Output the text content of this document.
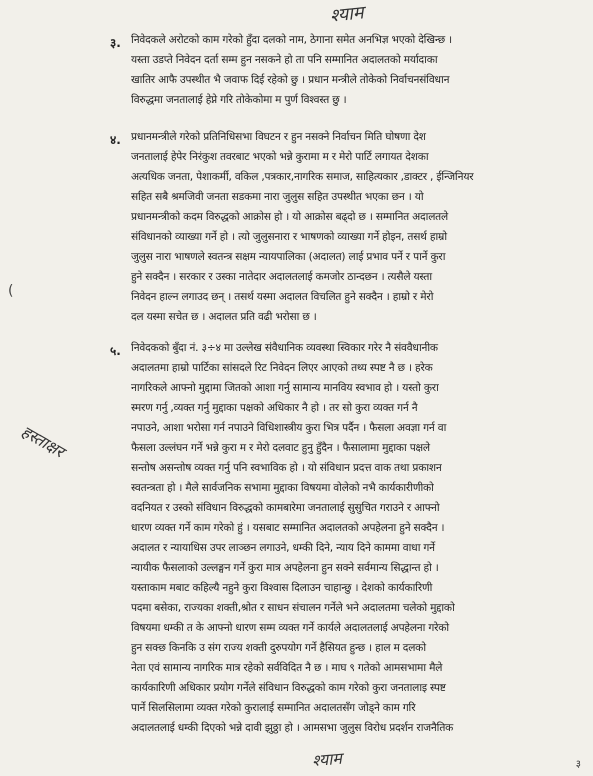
श्याम
३. निवेदकले अरोटको काम गरेको हुँदा दलको नाम, ठेगाना समेत अनभिज्ञ भएको देखिन्छ ।
यस्ता उडप्ते निवेदन दर्ता सम्म हुन नसकने हो ता पनि सम्मानित अदालतको मर्यादाका
खातिर आफै उपस्थीत भै जवाफ दिई रहेको छु । प्रधान मन्त्रीले तोकेको निर्वाचनसंविधान
विरुद्धमा जनतालाई हेप्ने गरि तोकेकोमा म पुर्ण विश्वस्त छु ।
४. प्रधानमन्त्रीले गरेको प्रतिनिधिसभा विघटन र हुन नसक्ने निर्वाचन मिति घोषणा देश
जनतालाई हेपेर निरंकुश तवरबाट भएको भन्ने कुरामा म र मेरो पार्टि लगायत देशका
अत्यधिक जनता, पेशाकर्मी, वकिल ,पत्रकार,नागरिक समाज, साहित्यकार ,डाक्टर , ईन्जिनियर
सहित सबै श्रमजिवी जनता सडकमा नारा जुलुस सहित उपस्थीत भएका छन । यो
प्रधानमन्त्रीको कदम विरुद्धको आक्रोस हो । यो आक्रोस बढ्दो छ । सम्मानित अदालतले
संविधानको व्याख्या गर्ने हो । त्यो जुलुसनारा र भाषणको व्याख्या गर्ने होइन, तसर्थ हाम्रो
जुलुस नारा भाषणले स्वतन्त्र सक्षम न्यायपालिका (अदालत) लाई प्रभाव पर्ने र पार्ने कुरा
हुने सक्दैन । सरकार र उस्का नातेदार अदालतलाई कमजोर ठान्दछन । त्यसैले यस्ता
निवेदन हाल्न लगाउद छन् । तसर्थ यस्मा अदालत विचलित हुने सक्दैन । हाम्रो र मेरो
दल यस्मा सचेत छ । अदालत प्रति वढी भरोसा छ ।
(
५. निवेदकको बुँदा नं. ३÷४ मा उल्लेख संवैधानिक व्यवस्था स्विकार गरेर नै संववैधानीक
अदालतमा हाम्रो पार्टिका सांसदले रिट निवेदन लिएर आएको तथ्य स्पष्ट नै छ । हरेक
नागरिकले आफ्नो मुद्दामा जितको आशा गर्नु सामान्य मानविय स्वभाव हो । यस्तो कुरा
स्मरण गर्नु ,व्यक्त गर्नु मुद्दाका पक्षको अधिकार नै हो । तर सो कुरा व्यक्त गर्न नै
नपाउने, आशा भरोसा गर्न नपाउने विधिशास्त्रीय कुरा भित्र पर्दैन । फैसला अवज्ञा गर्न वा
फैसला उल्लंघन गर्ने भन्ने कुरा म र मेरो दलवाट हुनु हुँदैन । फैसालामा मुद्दाका पक्षले
सन्तोष असन्तोष व्यक्त गर्नु पनि स्वभाविक हो । यो संविधान प्रदत्त वाक तथा प्रकाशन
स्वतन्त्रता हो । मैले सार्वजनिक सभामा मुद्दाका विषयमा वोलेको नभै कार्यकारीणीको
वदनियत र उस्को संविधान विरुद्धको कामबारेमा जनतालाई सुसुचित गराउने र आफ्नो
धारण व्यक्त गर्ने काम गरेको हुं । यसबाट सम्मानित अदालतको अपहेलना हुने सक्दैन ।
अदालत र न्यायाधिस उपर लाञ्छन लगाउने, धम्की दिने, न्याय दिने काममा वाधा गर्ने
न्यायीक फैसलाको उल्लङ्घन गर्ने कुरा मात्र अपहेलना हुन सक्ने सर्वमान्य सिद्धान्त हो ।
यस्ताकाम मबाट कहिल्यै नहुने कुरा विश्वास दिलाउन चाहान्छु । देशको कार्यकारिणी
पदमा बसेका, राज्यका शक्ती,श्रोत र साधन संचालन गर्नेले भने अदालतमा चलेको मुद्दाको
विषयमा धम्की त के आफ्नो धारण सम्म व्यक्त गर्ने कार्यले अदालतलाई अपहेलना गरेको
हुन सक्छ किनकि उ संग राज्य शक्ती दुरुपयोग गर्ने हैसियत हुन्छ । हाल म दलको
नेता एवं सामान्य नागरिक मात्र रहेको सर्वविदित नै छ । माघ ९ गतेको आमसभामा मैले
कार्यकारिणी अधिकार प्रयोग गर्नेले संविधान विरुद्धको काम गरेको कुरा जनतालाइ स्पष्ट
पार्ने सिलसिलामा व्यक्त गरेको कुरालाई सम्मानित अदालतसँग जोड्ने काम गरि
अदालतलाई धम्की दिएको भन्ने दावी झुठ्ठा हो । आमसभा जुलुस विरोध प्रदर्शन राजनैतिक
हस्ताक्षर
श्याम	३
